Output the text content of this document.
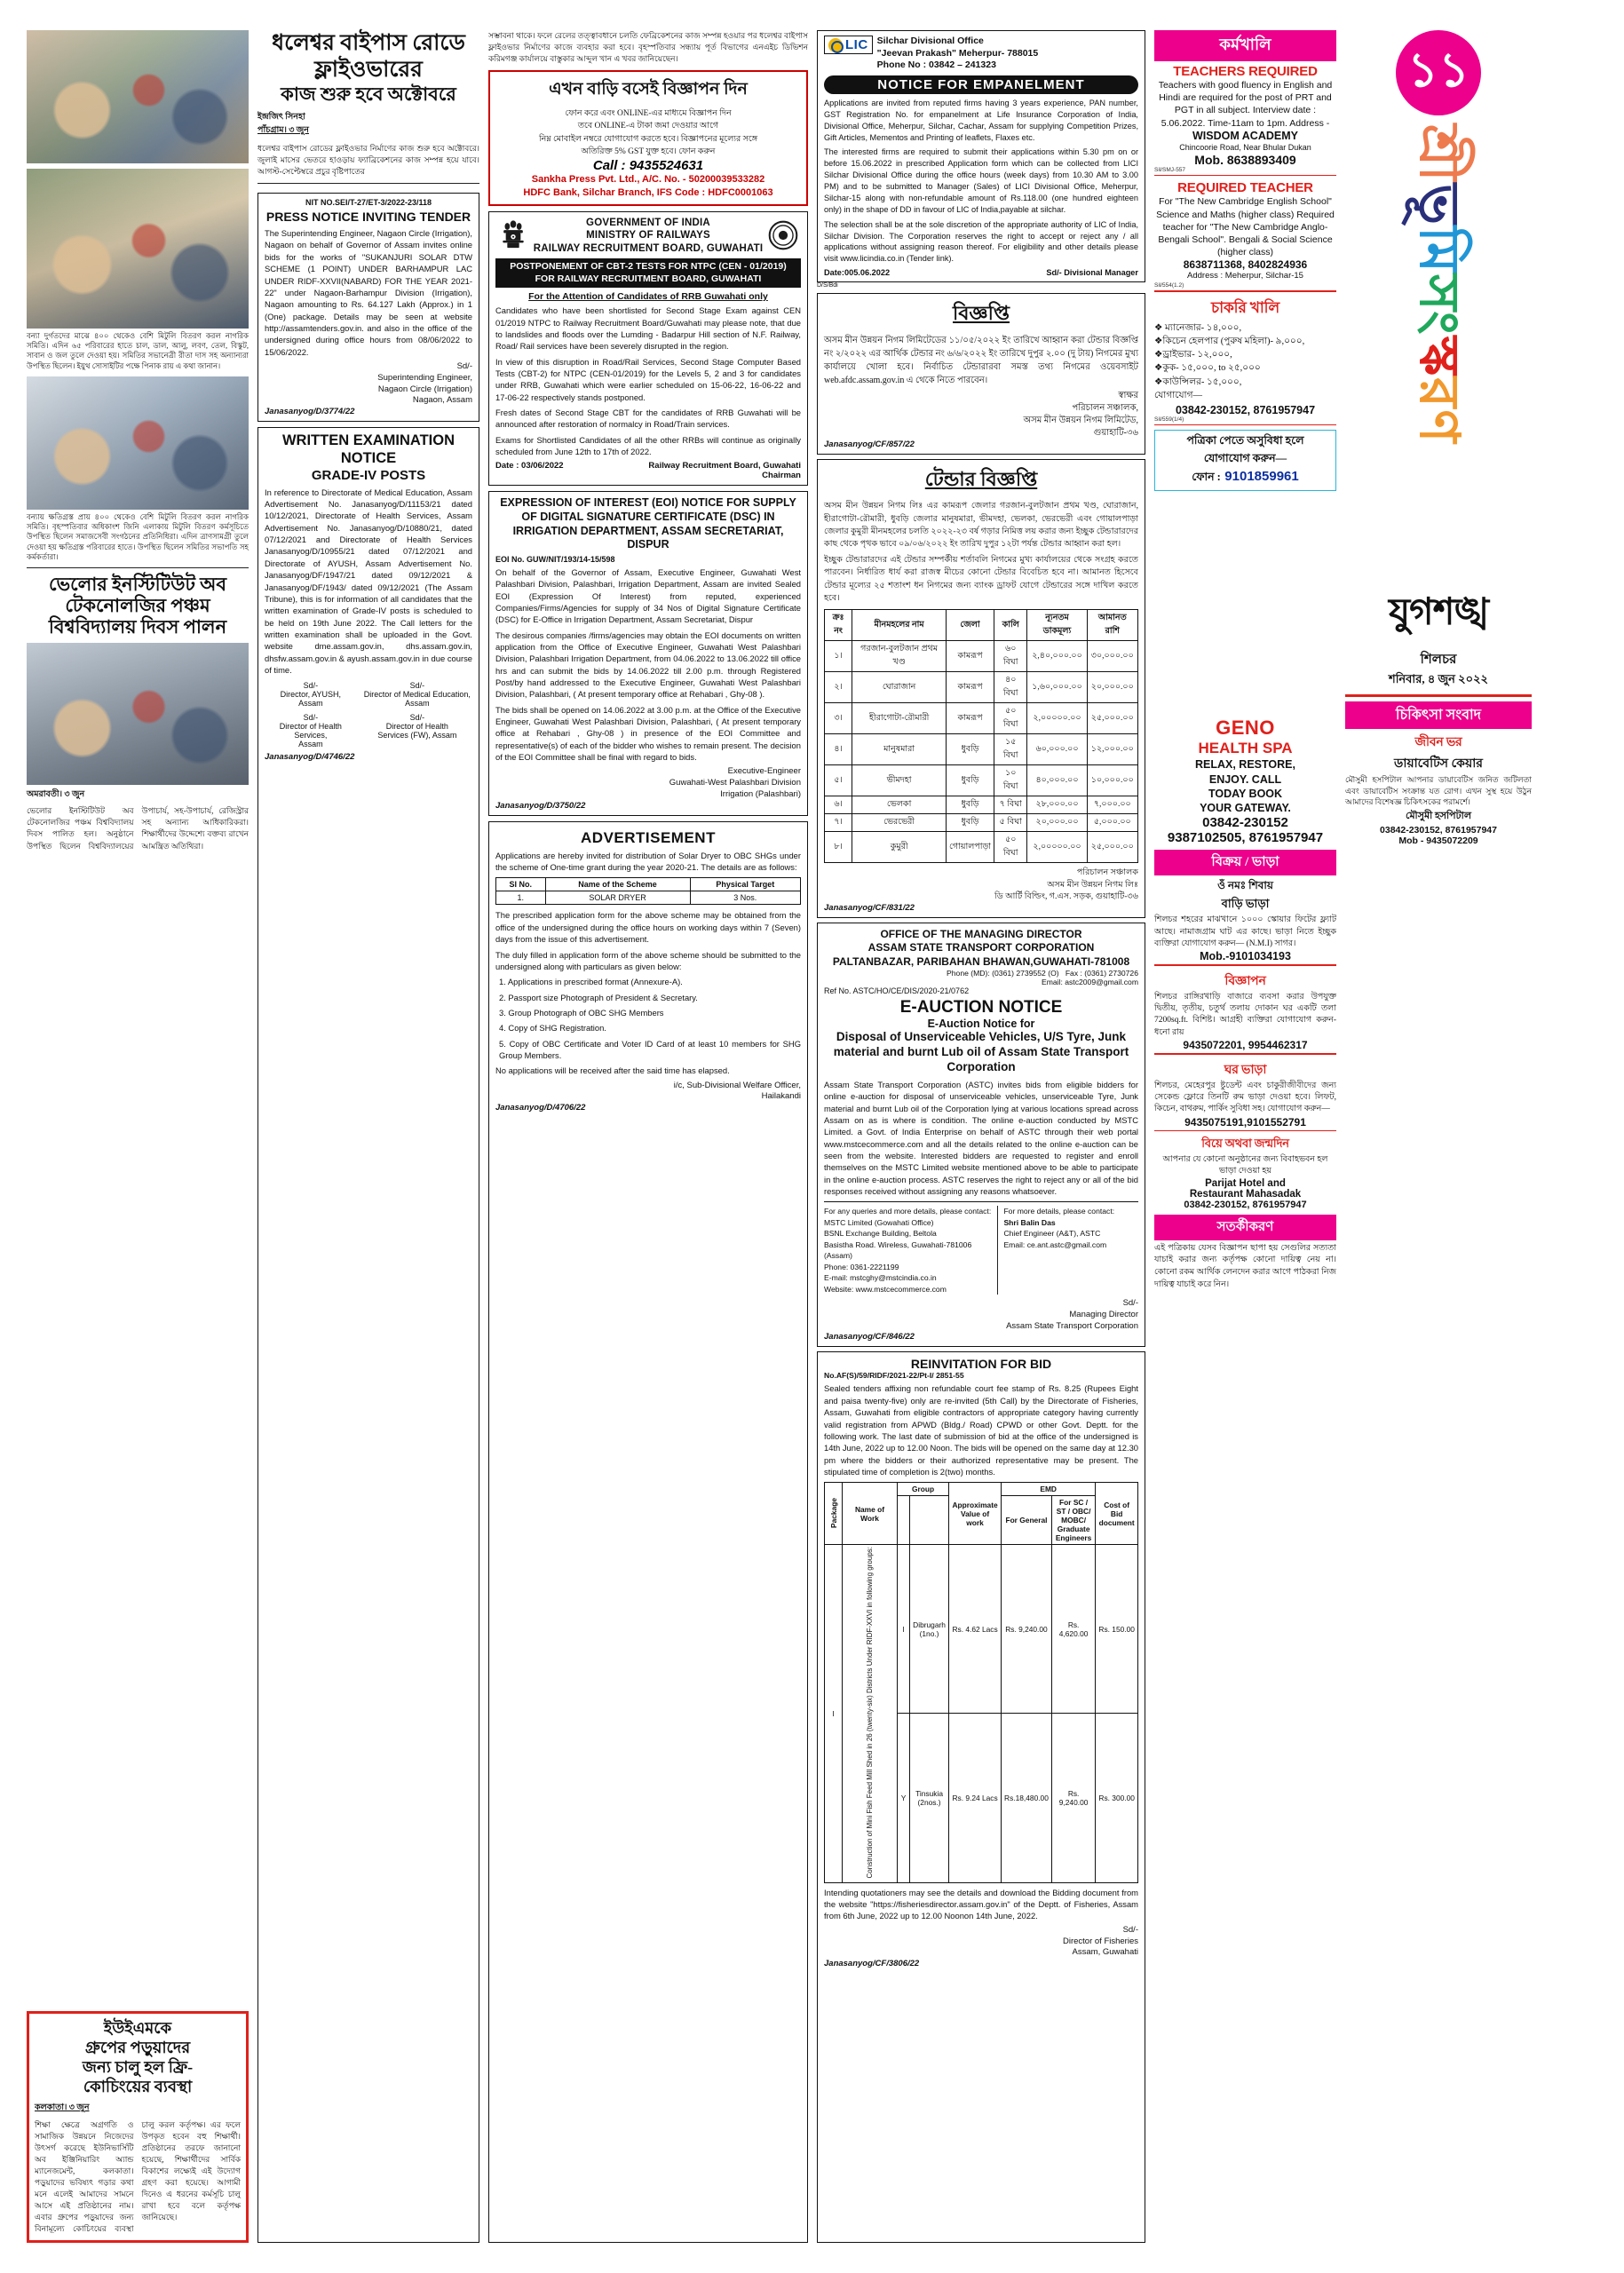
বন্যা দুর্গতদের মাঝে ৪০০ থেকেও বেশি মিটুলি বিতরণ করল নাগরিক সমিতি। এদিন ৬৫ পরিবারের হাতে চাল, ডাল, আলু, লবণ, তেল, বিস্কুট, সাবান ও জল তুলে দেওয়া হয়। সমিতির সভানেত্রী রীতা দাস সহ অন্যান্যরা উপস্থিত ছিলেন। ইয়ুথ সোসাইটির পক্ষে পিনাক রায় এ কথা জানান।
বন্যায় ক্ষতিগ্রস্ত প্রায় ৪০০ থেকেও বেশি মিটুলি বিতরণ করল নাগরিক সমিতি। বৃহস্পতিবার অধিকাংশ জিনি এলাকায় মিটুলি বিতরণ কর্মসূচিতে উপস্থিত ছিলেন সমাজসেবী সংগঠনের প্রতিনিধিরা। এদিন ত্রাণসামগ্রী তুলে দেওয়া হয় ক্ষতিগ্রস্ত পরিবারের হাতে। উপস্থিত ছিলেন সমিতির সভাপতি সহ কর্মকর্তারা।
ভেলোর ইনস্টিটিউট অব টেকনোলজির পঞ্চম বিশ্ববিদ্যালয় দিবস পালন
অমরাবতী। ৩ জুন
ভেলোর ইনস্টিটিউট অব টেকনোলজির পঞ্চম বিশ্ববিদ্যালয় দিবস পালিত হল। অনুষ্ঠানে উপস্থিত ছিলেন বিশ্ববিদ্যালয়ের উপাচার্য, সহ-উপাচার্য, রেজিস্ট্রার সহ অন্যান্য আধিকারিকরা। শিক্ষার্থীদের উদ্দেশ্যে বক্তব্য রাখেন আমন্ত্রিত অতিথিরা।
ইউইএমকে
গ্রুপের পড়ুয়াদের
জন্য চালু হল ফ্রি-
কোচিংয়ের ব্যবস্থা
কলকাতা। ৩ জুন
শিক্ষা ক্ষেত্রে অগ্রগতি ও সামাজিক উন্নয়নে নিজেদের উৎসর্গ করেছে ইউনিভার্সিটি অব ইঞ্জিনিয়ারিং অ্যান্ড ম্যানেজমেন্ট, কলকাতা। পড়ুয়াদের ভবিষ্যৎ গড়ার কথা মনে এলেই আমাদের সামনে আসে এই প্রতিষ্ঠানের নাম। এবার গ্রুপের পড়ুয়াদের জন্য বিনামূল্যে কোচিংয়ের ব্যবস্থা চালু করল কর্তৃপক্ষ। এর ফলে উপকৃত হবেন বহু শিক্ষার্থী। প্রতিষ্ঠানের তরফে জানানো হয়েছে, শিক্ষার্থীদের সার্বিক বিকাশের লক্ষ্যেই এই উদ্যোগ গ্রহণ করা হয়েছে। আগামী দিনেও এ ধরনের কর্মসূচি চালু রাখা হবে বলে কর্তৃপক্ষ জানিয়েছে।
ধলেশ্বর বাইপাস রোডে ফ্লাইওভারের
কাজ শুরু হবে অক্টোবরে
ইন্দ্রজিৎ সিনহা
পাঁচগ্রাম। ৩ জুন
ধলেশ্বর বাইপাস রোডের ফ্লাইওভার নির্মাণের কাজ শুরু হবে অক্টোবরে। জুলাই মাসের ভেতরে হাওড়ায় ফ্যাব্রিকেশনের কাজ সম্পন্ন হয়ে যাবে। আগস্ট-সেপ্টেম্বরে প্রচুর বৃষ্টিপাতের
NIT NO.SEI/T-27/ET-3/2022-23/118
PRESS NOTICE INVITING TENDER
The Superintending Engineer, Nagaon Circle (Irrigation), Nagaon on behalf of Governor of Assam invites online bids for the works of "SUKANJURI SOLAR DTW SCHEME (1 POINT) UNDER BARHAMPUR LAC UNDER RIDF-XXVII(NABARD) FOR THE YEAR 2021-22" under Nagaon-Barhampur Division (Irrigation), Nagaon amounting to Rs. 64.127 Lakh (Approx.) in 1 (One) package. Details may be seen at website http://assamtenders.gov.in. and also in the office of the undersigned during office hours from 08/06/2022 to 15/06/2022.
Sd/-
Superintending Engineer,
Nagaon Circle (Irrigation)
Nagaon, Assam
Janasanyog/D/3774/22
WRITTEN EXAMINATION
NOTICE
GRADE-IV POSTS
In reference to Directorate of Medical Education, Assam Advertisement No. Janasanyog/D/11153/21 dated 10/12/2021, Directorate of Health Services, Assam Advertisement No. Janasanyog/D/10880/21, dated 07/12/2021 and Directorate of Health Services Janasanyog/D/10955/21 dated 07/12/2021 and Directorate of AYUSH, Assam Advertisement No. Janasanyog/DF/1947/21 dated 09/12/2021 & Janasanyog/DF/1943/ dated 09/12/2021 (The Assam Tribune), this is for information of all candidates that the written examination of Grade-IV posts is scheduled to be held on 19th June 2022. The Call letters for the written examination shall be uploaded in the Govt. website dme.assam.gov.in, dhs.assam.gov.in, dhsfw.assam.gov.in & ayush.assam.gov.in in due course of time.
Sd/-
Director, AYUSH,
Assam
Sd/-
Director of Medical Education,
Assam
Sd/-
Director of Health Services,
Assam
Sd/-
Director of Health
Services (FW), Assam
Janasanyog/D/4746/22
সম্ভাবনা থাকে। ফলে রেলের তত্ত্বাবধানে চলতি ফেব্রিকেশনের কাজ সম্পন্ন হওয়ার পর ধলেশ্বর বাইপাস ফ্লাইওভার নির্মাণের কাজে ব্যবহার করা হবে। বৃহস্পতিবার সন্ধ্যায় পূর্ত বিভাগের এনএইচ ডিভিশন করিমগঞ্জ কার্যালয়ে বাস্তুকার আব্দুল খান এ খবর জানিয়েছেন।
এখন বাড়ি বসেই বিজ্ঞাপন দিন
ফোন করে এবং ONLINE-এর মাধ্যমে বিজ্ঞাপন দিন
তবে ONLINE-এ টাকা জমা দেওয়ার আগে
নিম্ন মোবাইল নম্বরে যোগাযোগ করতে হবে। বিজ্ঞাপনের মূল্যের সঙ্গে
অতিরিক্ত 5% GST যুক্ত হবে। ফোন করুন
Call : 9435524631
Sankha Press Pvt. Ltd., A/C. No. - 50200039533282
HDFC Bank, Silchar Branch, IFS Code : HDFC0001063
GOVERNMENT OF INDIA
MINISTRY OF RAILWAYS
RAILWAY RECRUITMENT BOARD, GUWAHATI
POSTPONEMENT OF CBT-2 TESTS FOR NTPC (CEN - 01/2019)
FOR RAILWAY RECRUITMENT BOARD, GUWAHATI
For the Attention of Candidates of RRB Guwahati only

Candidates who have been shortlisted for Second Stage Exam against CEN 01/2019 NTPC to Railway Recruitment Board/Guwahati may please note, that due to landslides and floods over the Lumding - Badarpur Hill section of N.F. Railway, Road/ Rail services have been severely disrupted in the region.

In view of this disruption in Road/Rail Services, Second Stage Computer Based Tests (CBT-2) for NTPC (CEN-01/2019) for the Levels 5, 2 and 3 for candidates under RRB, Guwahati which were earlier scheduled on 15-06-22, 16-06-22 and 17-06-22 respectively stands postponed.

Fresh dates of Second Stage CBT for the candidates of RRB Guwahati will be announced after restoration of normalcy in Road/Train services.

Exams for Shortlisted Candidates of all the other RRBs will continue as originally scheduled from June 12th to 17th of 2022.

Date : 03/06/2022	Railway Recruitment Board, Guwahati
Chairman
EXPRESSION OF INTEREST (EOI) NOTICE FOR SUPPLY OF DIGITAL SIGNATURE CERTIFICATE (DSC) IN IRRIGATION DEPARTMENT, ASSAM SECRETARIAT, DISPUR
EOI No. GUW/NIT/193/14-15/598

On behalf of the Governor of Assam, Executive Engineer, Guwahati West Palashbari Division, Palashbari, Irrigation Department, Assam are invited Sealed EOI (Expression Of Interest) from reputed, experienced Companies/Firms/Agencies for supply of 34 Nos of Digital Signature Certificate (DSC) for E-Office in Irrigation Department, Assam Secretariat, Dispur

The desirous companies /firms/agencies may obtain the EOI documents on written application from the Office of Executive Engineer, Guwahati West Palashbari Division, Palashbari Irrigation Department, from 04.06.2022 to 13.06.2022 till office hrs and can submit the bids by 14.06.2022 till 2.00 p.m. through Registered Post/by hand addressed to the Executive Engineer, Guwahati West Palashbari Division, Palashbari, ( At present temporary office at Rehabari , Ghy-08 ).

The bids shall be opened on 14.06.2022 at 3.00 p.m. at the Office of the Executive Engineer, Guwahati West Palashbari Division, Palashbari, ( At present temporary office at Rehabari , Ghy-08 ) in presence of the EOI Committee and representative(s) of each of the bidder who wishes to remain present. The decision of the EOI Committee shall be final with regard to bids.

Executive-Engineer
Guwahati-West Palashbari Division
Irrigation (Palashbari)
Janasanyog/D/3750/22
ADVERTISEMENT
Applications are hereby invited for distribution of Solar Dryer to OBC SHGs under the scheme of One-time grant during the year 2020-21. The details are as follows:
SI No.	Name of the Scheme	Physical Target
1.	SOLAR DRYER	3 Nos.

The prescribed application form for the above scheme may be obtained from the office of the undersigned during the office hours on working days within 7 (Seven) days from the issue of this advertisement.

The duly filled in application form of the above scheme should be submitted to the undersigned along with particulars as given below:

1. Applications in prescribed format (Annexure-A).

2. Passport size Photograph of President & Secretary.

3. Group Photograph of OBC SHG Members

4. Copy of SHG Registration.

5. Copy of OBC Certificate and Voter ID Card of at least 10 members for SHG Group Members.

No applications will be received after the said time has elapsed.

i/c, Sub-Divisional Welfare Officer,
Hailakandi
Janasanyog/D/4706/22
LIC Silchar Divisional Office
"Jeevan Prakash" Meherpur- 788015
Phone No : 03842 – 241323
NOTICE FOR EMPANELMENT

Applications are invited from reputed firms having 3 years experience, PAN number, GST Registration No. for empanelment at Life Insurance Corporation of India, Divisional Office, Meherpur, Silchar, Cachar, Assam for supplying Competition Prizes, Gift Articles, Mementos and Printing of leaflets, Flaxes etc.

The interested firms are required to submit their applications within 5.30 pm on or before 15.06.2022 in prescribed Application form which can be collected from LICI Silchar Divisional Office during the office hours (week days) from 10.30 AM to 3.00 PM) and to be submitted to Manager (Sales) of LICI Divisional Office, Meherpur, Silchar-15 along with non-refundable amount of Rs.118.00 (one hundred eighteen only) in the shape of DD in favour of LIC of India,payable at silchar.

The selection shall be at the sole discretion of the appropriate authority of LIC of India, Silchar Division. The Corporation reserves the right to accept or reject any / all applications without assigning reason thereof. For eligibility and other details please visit www.licindia.co.in (Tender link).

Date:005.06.2022	Sd/- Divisional Manager
D/S/Bdi
বিজ্ঞপ্তি
অসম মীন উন্নয়ন নিগম লিমিটেডের ১১/০৫/২০২২ ইং তারিখে আহ্বান করা টেন্ডার বিজ্ঞপ্তি নং ২/২০২২ এর আর্থিক টেন্ডার নং ৬/৬/২০২২ ইং তারিখে দুপুর ২.০০ (দু টায়) নিগমের মুখ্য কার্যালয়ে খোলা হবে। নির্বাচিত টেন্ডারারবা সমস্ত তথ্য নিগমের ওয়েবসাইট web.afdc.assam.gov.in এ থেকে নিতে পারবেন।
স্বাক্ষর
পরিচালন সঞ্চালক,
অসম মীন উন্নয়ন নিগম লিমিটেড,
গুয়াহাটি-৩৬
Janasanyog/CF/857/22
টেন্ডার বিজ্ঞপ্তি
অসম মীন উন্নয়ন নিগম লিঃ এর কামরূপ জেলার গরজান-বুলটজান প্রথম খণ্ড, ঘোরাজান, হীরাগোটা-রৌমারী, ধুবড়ি জেলার মানুষমারা, ভীমদহা, ভেলকা, ভেরভেরী এবং গোয়ালপাড়া জেলার কুমুরী মীনমহলের চলতি ২০২২-২৩ বর্ষ গড়ার নিমিত্ত লয় করার জন্য ইচ্ছুক টেন্ডারারদের কাছ থেকে পৃথক ভাবে ০৯/০৬/২০২২ ইং তারিখ দুপুর ১২টা পর্যন্ত টেন্ডার আহ্বান করা হল।
ইচ্ছুক টেন্ডারারদের এই টেন্ডার সম্পর্কীয় শর্তাবলি নিগমের মুখ্য কার্যালয়ের থেকে সংগ্রহ করতে পারবেন। নির্ধারিত ধার্য করা রাজস্ব মীচের কোনো টেন্ডার বিবেচিত হবে না। আমানত হিসেবে টেন্ডার মূল্যের ২৫ শতাংশ ধন নিগমের জন্য ব্যাংক ড্রাফট যোগে টেন্ডারের সঙ্গে দাখিল করতে হবে।
ক্রঃ নং	মীনমহলের নাম	জেলা	কালি	ন্যূনতম ডাকমূল্য	আমানত রাশি
১।	গরজান-বুলটজান প্রথম খণ্ড	কামরূপ	৬০ বিঘা	২,৪০,০০০.০০	৩০,০০০.০০
২।	ঘোরাজান	কামরূপ	৪০ বিঘা	১,৬০,০০০.০০	২০,০০০.০০
৩।	হীরাগোটা-রৌমারী	কামরূপ	৫০ বিঘা	২,০০০০০.০০	২৫,০০০.০০
৪।	মানুষমারা	ধুবড়ি	১৫ বিঘা	৬০,০০০.০০	১২,০০০.০০
৫।	ভীমদহা	ধুবড়ি	১০ বিঘা	৪০,০০০.০০	১০,০০০.০০
৬।	ভেলকা	ধুবড়ি	৭ বিঘা	২৮,০০০.০০	৭,০০০.০০
৭।	ভেরভেরী	ধুবড়ি	৫ বিঘা	২০,০০০.০০	৫,০০০.০০
৮।	কুমুরী	গোয়ালপাড়া	৫০ বিঘা	২,০০০০০.০০	২৫,০০০.০০
পরিচালন সঞ্চালক
অসম মীন উন্নয়ন নিগম লিঃ
ডি আৰ্টি বিল্ডিং, গ.এস. সড়ক, গুয়াহাটি-৩৬
Janasanyog/CF/831/22
OFFICE OF THE MANAGING DIRECTOR
ASSAM STATE TRANSPORT CORPORATION
PALTANBAZAR, PARIBAHAN BHAWAN,GUWAHATI-781008
Phone (MD): (0361) 2739552 (O) Fax : (0361) 2730726
Email: astc2009@gmail.com
Ref No. ASTC/HO/CE/DIS/2020-21/0762
E-AUCTION NOTICE
E-Auction Notice for
Disposal of Unserviceable Vehicles, U/S Tyre, Junk material and burnt Lub oil of Assam State Transport Corporation
Assam State Transport Corporation (ASTC) invites bids from eligible bidders for online e-auction for disposal of unserviceable vehicles, unserviceable Tyre, Junk material and burnt Lub oil of the Corporation lying at various locations spread across Assam on as is where is condition. The online e-auction conducted by MSTC Limited. a Govt. of India Enterprise on behalf of ASTC through their web portal www.mstcecommerce.com and all the details related to the online e-auction can be seen from the website. Interested bidders are requested to register and enroll themselves on the MSTC Limited website mentioned above to be able to participate in the online e-auction process. ASTC reserves the right to reject any or all of the bid responses received without assigning any reasons whatsoever.
For any queries and more details, please contact:
MSTC Limited (Gowahati Office)
BSNL Exchange Building, Beltola
Basistha Road. Wireless, Guwahati-781006 (Assam)
Phone: 0361-2221199
E-mail: mstcghy@mstcindia.co.in
Website: www.mstcecommerce.com
For more details, please contact:
Shri Balin Das
Chief Engineer (A&T), ASTC
Email: ce.ant.astc@gmail.com
Sd/-
Managing Director
Assam State Transport Corporation
Janasanyog/CF/846/22
REINVITATION FOR BID
No.AF(S)/59/RIDF/2021-22/Pt-I/ 2851-55
Sealed tenders affixing non refundable court fee stamp of Rs. 8.25 (Rupees Eight and paisa twenty-five) only are re-invited (5th Call) by the Directorate of Fisheries, Assam, Guwahati from eligible contractors of appropriate category having currently valid registration from APWD (Bldg./ Road) CPWD or other Govt. Deptt. for the following work. The last date of submission of bid at the office of the undersigned is 14th June, 2022 up to 12.00 Noon. The bids will be opened on the same day at 12.30 pm where the bidders or their authorized representative may be present. The stipulated time of completion is 2(two) months.
Package	Name of Work	Group		Approximate Value of work	EMD		Cost of Bid document
					For General	For SC / ST / OBC/ MOBC/ Graduate Engineers	
I	Construction of Mini Fish Feed Mill Shed in 26 (twenty-six) Districts Under RIDF-XXVI in following groups:	I	Dibrugarh (1no.)	Rs. 4.62 Lacs	Rs. 9,240.00	Rs. 4,620.00	Rs. 150.00
		Y	Tinsukia (2nos.)	Rs. 9.24 Lacs	Rs.18,480.00	Rs. 9,240.00	Rs. 300.00
Intending quotationers may see the details and download the Bidding document from the website "https://fisheriesdirector.assam.gov.in" of the Deptt. of Fisheries, Assam from 6th June, 2022 up to 12.00 Noonon 14th June, 2022.
Sd/-
Director of Fisheries
Assam, Guwahati
Janasanyog/CF/3806/22
কর্মখালি
TEACHERS REQUIRED
Teachers with good fluency in English and Hindi are required for the post of PRT and PGT in all subject. Interview date : 5.06.2022. Time-11am to 1pm. Address -
WISDOM ACADEMY
Chincoorie Road, Near Bhular Dukan
Mob. 8638893409
Sil/SMJ-557
REQUIRED TEACHER
For "The New Cambridge English School" Science and Maths (higher class) Required teacher for "The New Cambridge Anglo-Bengali School". Bengali & Social Science (higher class)
8638711368, 8402824936
Address : Meherpur, Silchar-15
Sil/554(1.2)
চাকরি খালি
❖ ম্যানেজার- ১৪,০০০,
❖কিচেন হেলপার (পুরুষ মহিলা)- ৯,০০০, ❖ড্রাইভার- ১২,০০০,
❖কুক- ১৫,০০০, to ২৫,০০০
❖কাউন্সিলর- ১৫,০০০,
যোগাযোগ—
03842-230152, 8761957947
Sil/559(1/4)
পত্রিকা পেতে অসুবিধা হলে
যোগাযোগ করুন—
ফোন : 9101859961
GENO
HEALTH SPA
RELAX, RESTORE,
ENJOY. CALL
TODAY BOOK
YOUR GATEWAY.
03842-230152
9387102505, 8761957947
বিক্রয় / ভাড়া
ওঁ নমঃ শিবায়
বাড়ি ভাড়া
শিলচর শহরের মাঝখানে ১০০০ স্কোয়ার ফিটের ফ্ল্যাট আছে। নামাজগ্রাম ঘাট এর কাছে। ভাড়া নিতে ইচ্ছুক ব্যক্তিরা যোগাযোগ করুন— (N.M.I) সাগর।
Mob.-9101034193
বিজ্ঞাপন
শিলচর রাঙ্গিরখাড়ি বাজারে ব্যবসা করার উপযুক্ত দ্বিতীয়, তৃতীয়, চতুর্থ তলায় দোকান ঘর একটি তলা 7200sq.ft. বিশিষ্ট। আগ্রহী ব্যক্তিরা যোগাযোগ করুন- ধনো রায়
9435072201, 9954462317
ঘর ভাড়া
শিলচর, মেহেরপুর ষ্টুডেন্ট এবং চাকুরীজীবীদের জন্য সেকেন্ড ফ্লোরে তিনটি রুম ভাড়া দেওয়া হবে। লিফট, কিচেন, বাথরুম, পার্কিং সুবিধা সহ। যোগাযোগ করুন—
9435075191,9101552791
বিয়ে অথবা জন্মদিন
আপনার যে কোনো অনুষ্ঠানের জন্য বিবাহভবন হল ভাড়া দেওয়া হয়
Parijat Hotel and
Restaurant Mahasadak
03842-230152, 8761957947
সতর্কীকরণ
এই পত্রিকায় যেসব বিজ্ঞাপন ছাপা হয় সেগুলির সত্যতা যাচাই করার জন্য কর্তৃপক্ষ কোনো দায়িত্ব নেয় না। কোনো রকম আর্থিক লেনদেন করার আগে পাঠকরা নিজ দায়িত্ব যাচাই করে নিন।
১১
শ্রী
ভূ
মি
সং
স্ক
রণ
যুগশঙ্খ
শিলচর
শনিবার, ৪ জুন ২০২২
চিকিৎসা সংবাদ
জীবন ভর
ডায়াবেটিস কেয়ার
মৌসুমী হসপিটাল আপনার ডায়াবেটিস জনিত জটিলতা এবং ডায়াবেটিস সংক্রান্ত যত রোগ। এখন সুস্থ হয়ে উঠুন আমাদের বিশেষজ্ঞ চিকিৎসকের পরামর্শে।
মৌসুমী হসপিটাল
03842-230152, 8761957947
Mob - 9435072209
